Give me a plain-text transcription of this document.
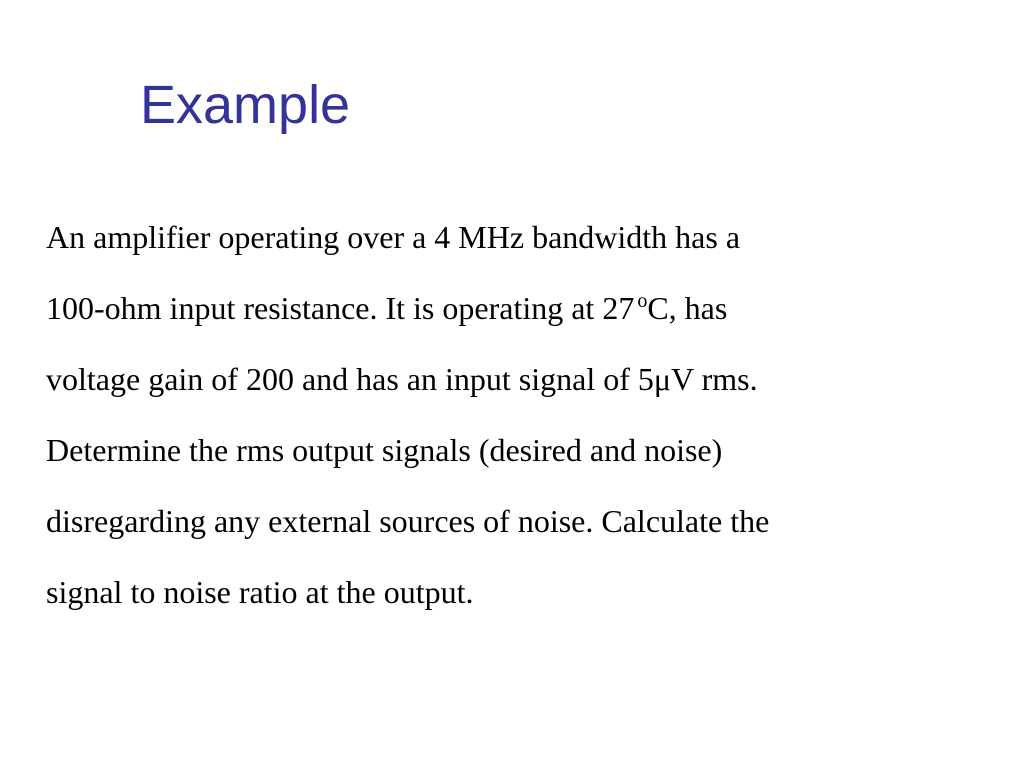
Example

An amplifier operating over a 4 MHz bandwidth has a

100-ohm input resistance. It is operating at 27 $^o$C, has

voltage gain of 200 and has an input signal of 5μV rms.

Determine the rms output signals (desired and noise)

disregarding any external sources of noise. Calculate the

signal to noise ratio at the output.
